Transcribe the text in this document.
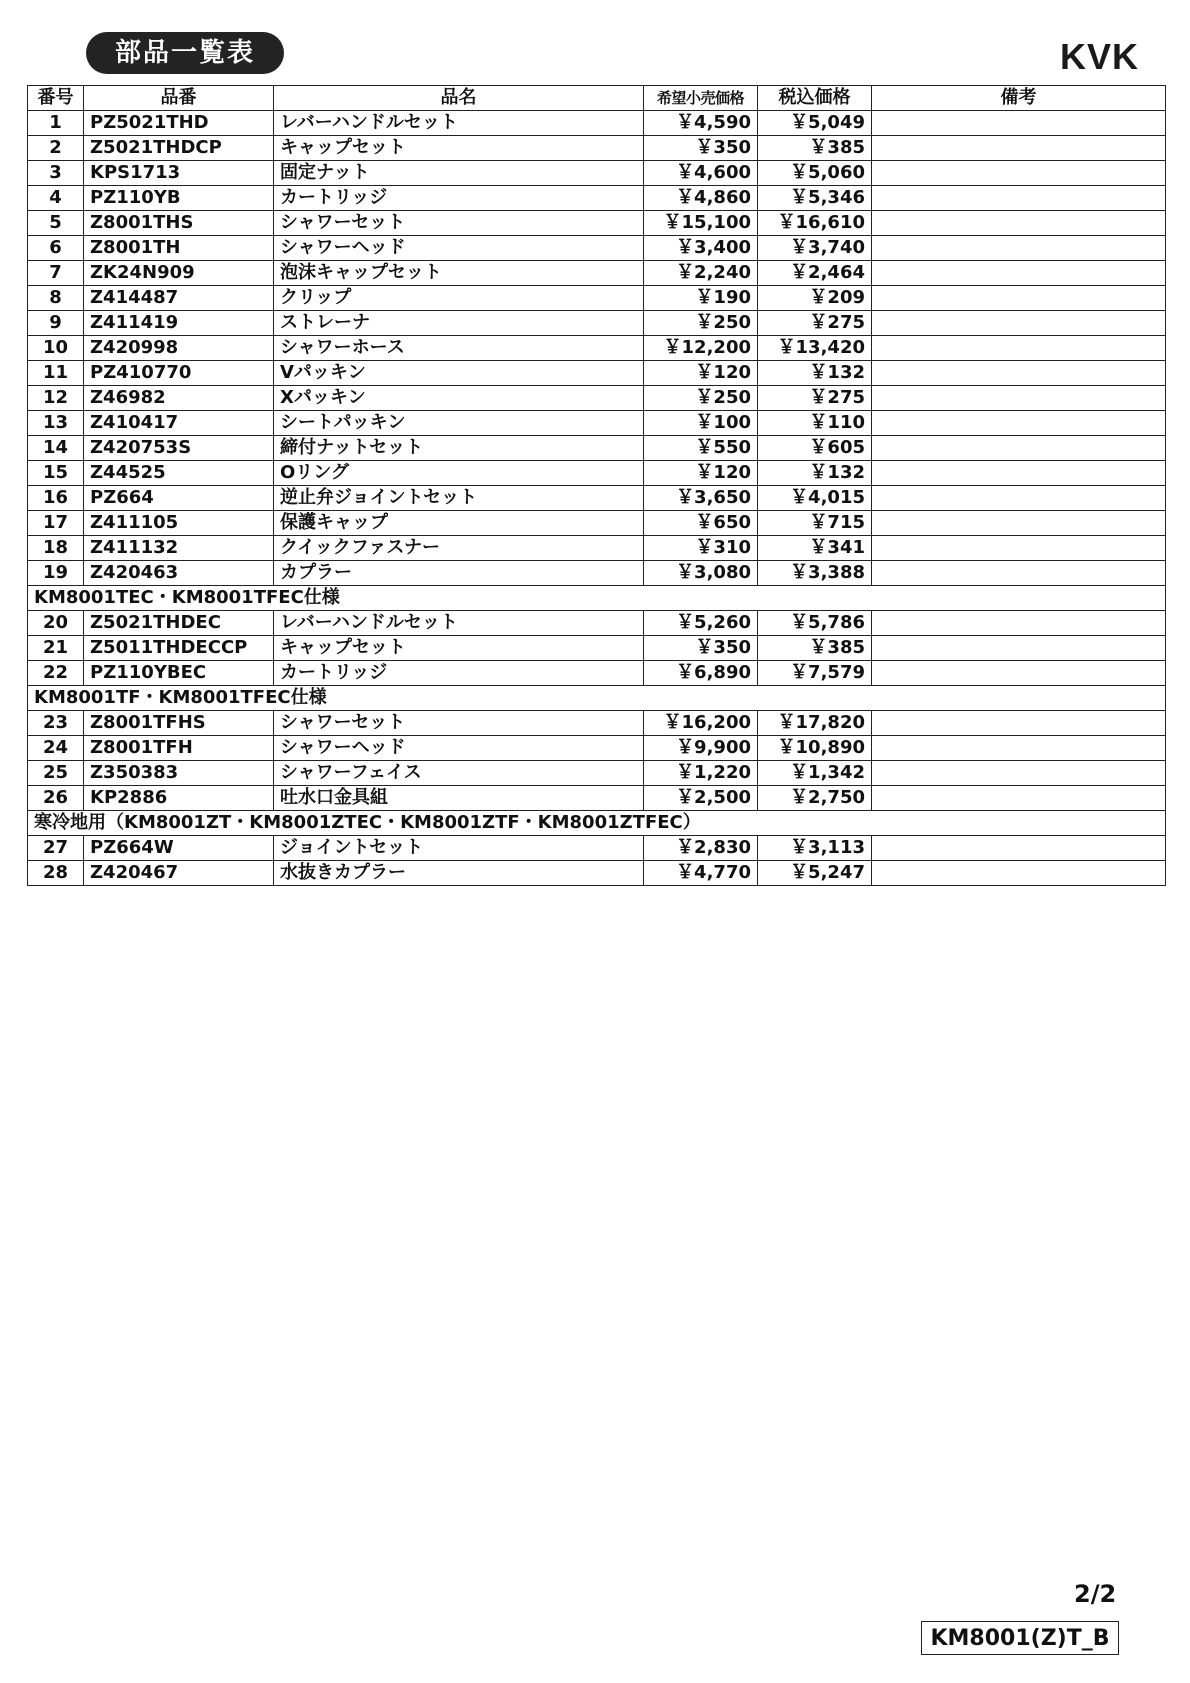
部品一覧表	KVK
番号	品番	品名	希望小売価格	税込価格	備考
1	PZ5021THD	レバーハンドルセット	￥4,590	￥5,049	
2	Z5021THDCP	キャップセット	￥350	￥385	
3	KPS1713	固定ナット	￥4,600	￥5,060	
4	PZ110YB	カートリッジ	￥4,860	￥5,346	
5	Z8001THS	シャワーセット	￥15,100	￥16,610	
6	Z8001TH	シャワーヘッド	￥3,400	￥3,740	
7	ZK24N909	泡沫キャップセット	￥2,240	￥2,464	
8	Z414487	クリップ	￥190	￥209	
9	Z411419	ストレーナ	￥250	￥275	
10	Z420998	シャワーホース	￥12,200	￥13,420	
11	PZ410770	Vパッキン	￥120	￥132	
12	Z46982	Xパッキン	￥250	￥275	
13	Z410417	シートパッキン	￥100	￥110	
14	Z420753S	締付ナットセット	￥550	￥605	
15	Z44525	Oリング	￥120	￥132	
16	PZ664	逆止弁ジョイントセット	￥3,650	￥4,015	
17	Z411105	保護キャップ	￥650	￥715	
18	Z411132	クイックファスナー	￥310	￥341	
19	Z420463	カプラー	￥3,080	￥3,388	
KM8001TEC・KM8001TFEC仕様					
20	Z5021THDEC	レバーハンドルセット	￥5,260	￥5,786	
21	Z5011THDECCP	キャップセット	￥350	￥385	
22	PZ110YBEC	カートリッジ	￥6,890	￥7,579	
KM8001TF・KM8001TFEC仕様					
23	Z8001TFHS	シャワーセット	￥16,200	￥17,820	
24	Z8001TFH	シャワーヘッド	￥9,900	￥10,890	
25	Z350383	シャワーフェイス	￥1,220	￥1,342	
26	KP2886	吐水口金具組	￥2,500	￥2,750	
寒冷地用（KM8001ZT・KM8001ZTEC・KM8001ZTF・KM8001ZTFEC）					
27	PZ664W	ジョイントセット	￥2,830	￥3,113	
28	Z420467	水抜きカプラー	￥4,770	￥5,247	
2/2
KM8001(Z)T_B
